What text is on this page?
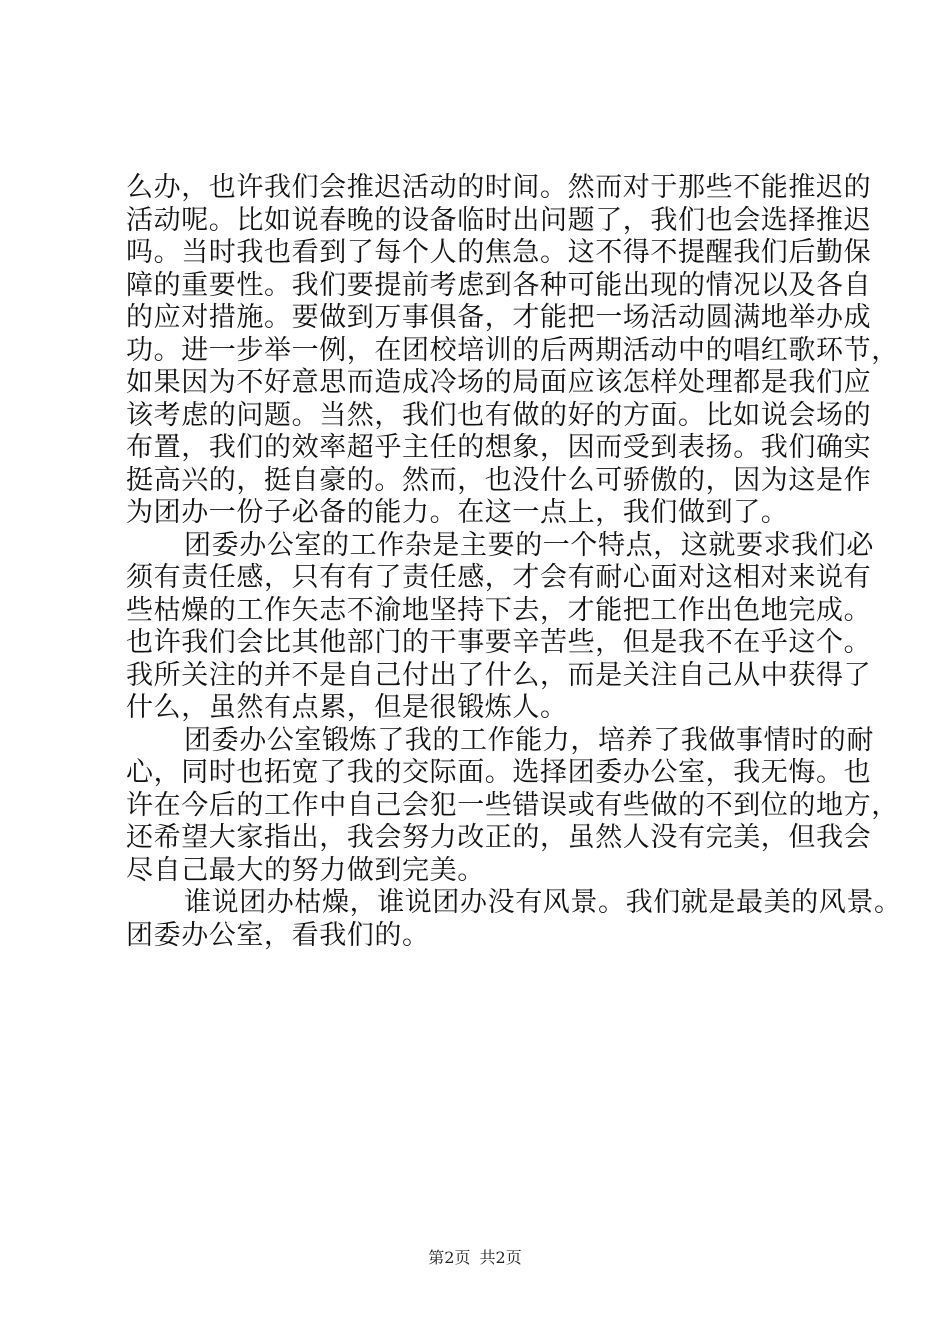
么办，也许我们会推迟活动的时间。然而对于那些不能推迟的
活动呢。比如说春晚的设备临时出问题了，我们也会选择推迟
吗。当时我也看到了每个人的焦急。这不得不提醒我们后勤保
障的重要性。我们要提前考虑到各种可能出现的情况以及各自
的应对措施。要做到万事俱备，才能把一场活动圆满地举办成
功。进一步举一例，在团校培训的后两期活动中的唱红歌环节，
如果因为不好意思而造成冷场的局面应该怎样处理都是我们应
该考虑的问题。当然，我们也有做的好的方面。比如说会场的
布置，我们的效率超乎主任的想象，因而受到表扬。我们确实
挺高兴的，挺自豪的。然而，也没什么可骄傲的，因为这是作
为团办一份子必备的能力。在这一点上，我们做到了。
团委办公室的工作杂是主要的一个特点，这就要求我们必
须有责任感，只有有了责任感，才会有耐心面对这相对来说有
些枯燥的工作矢志不渝地坚持下去，才能把工作出色地完成。
也许我们会比其他部门的干事要辛苦些，但是我不在乎这个。
我所关注的并不是自己付出了什么，而是关注自己从中获得了
什么，虽然有点累，但是很锻炼人。
团委办公室锻炼了我的工作能力，培养了我做事情时的耐
心，同时也拓宽了我的交际面。选择团委办公室，我无悔。也
许在今后的工作中自己会犯一些错误或有些做的不到位的地方，
还希望大家指出，我会努力改正的，虽然人没有完美，但我会
尽自己最大的努力做到完美。
谁说团办枯燥，谁说团办没有风景。我们就是最美的风景。
团委办公室，看我们的。
第2页 共2页
